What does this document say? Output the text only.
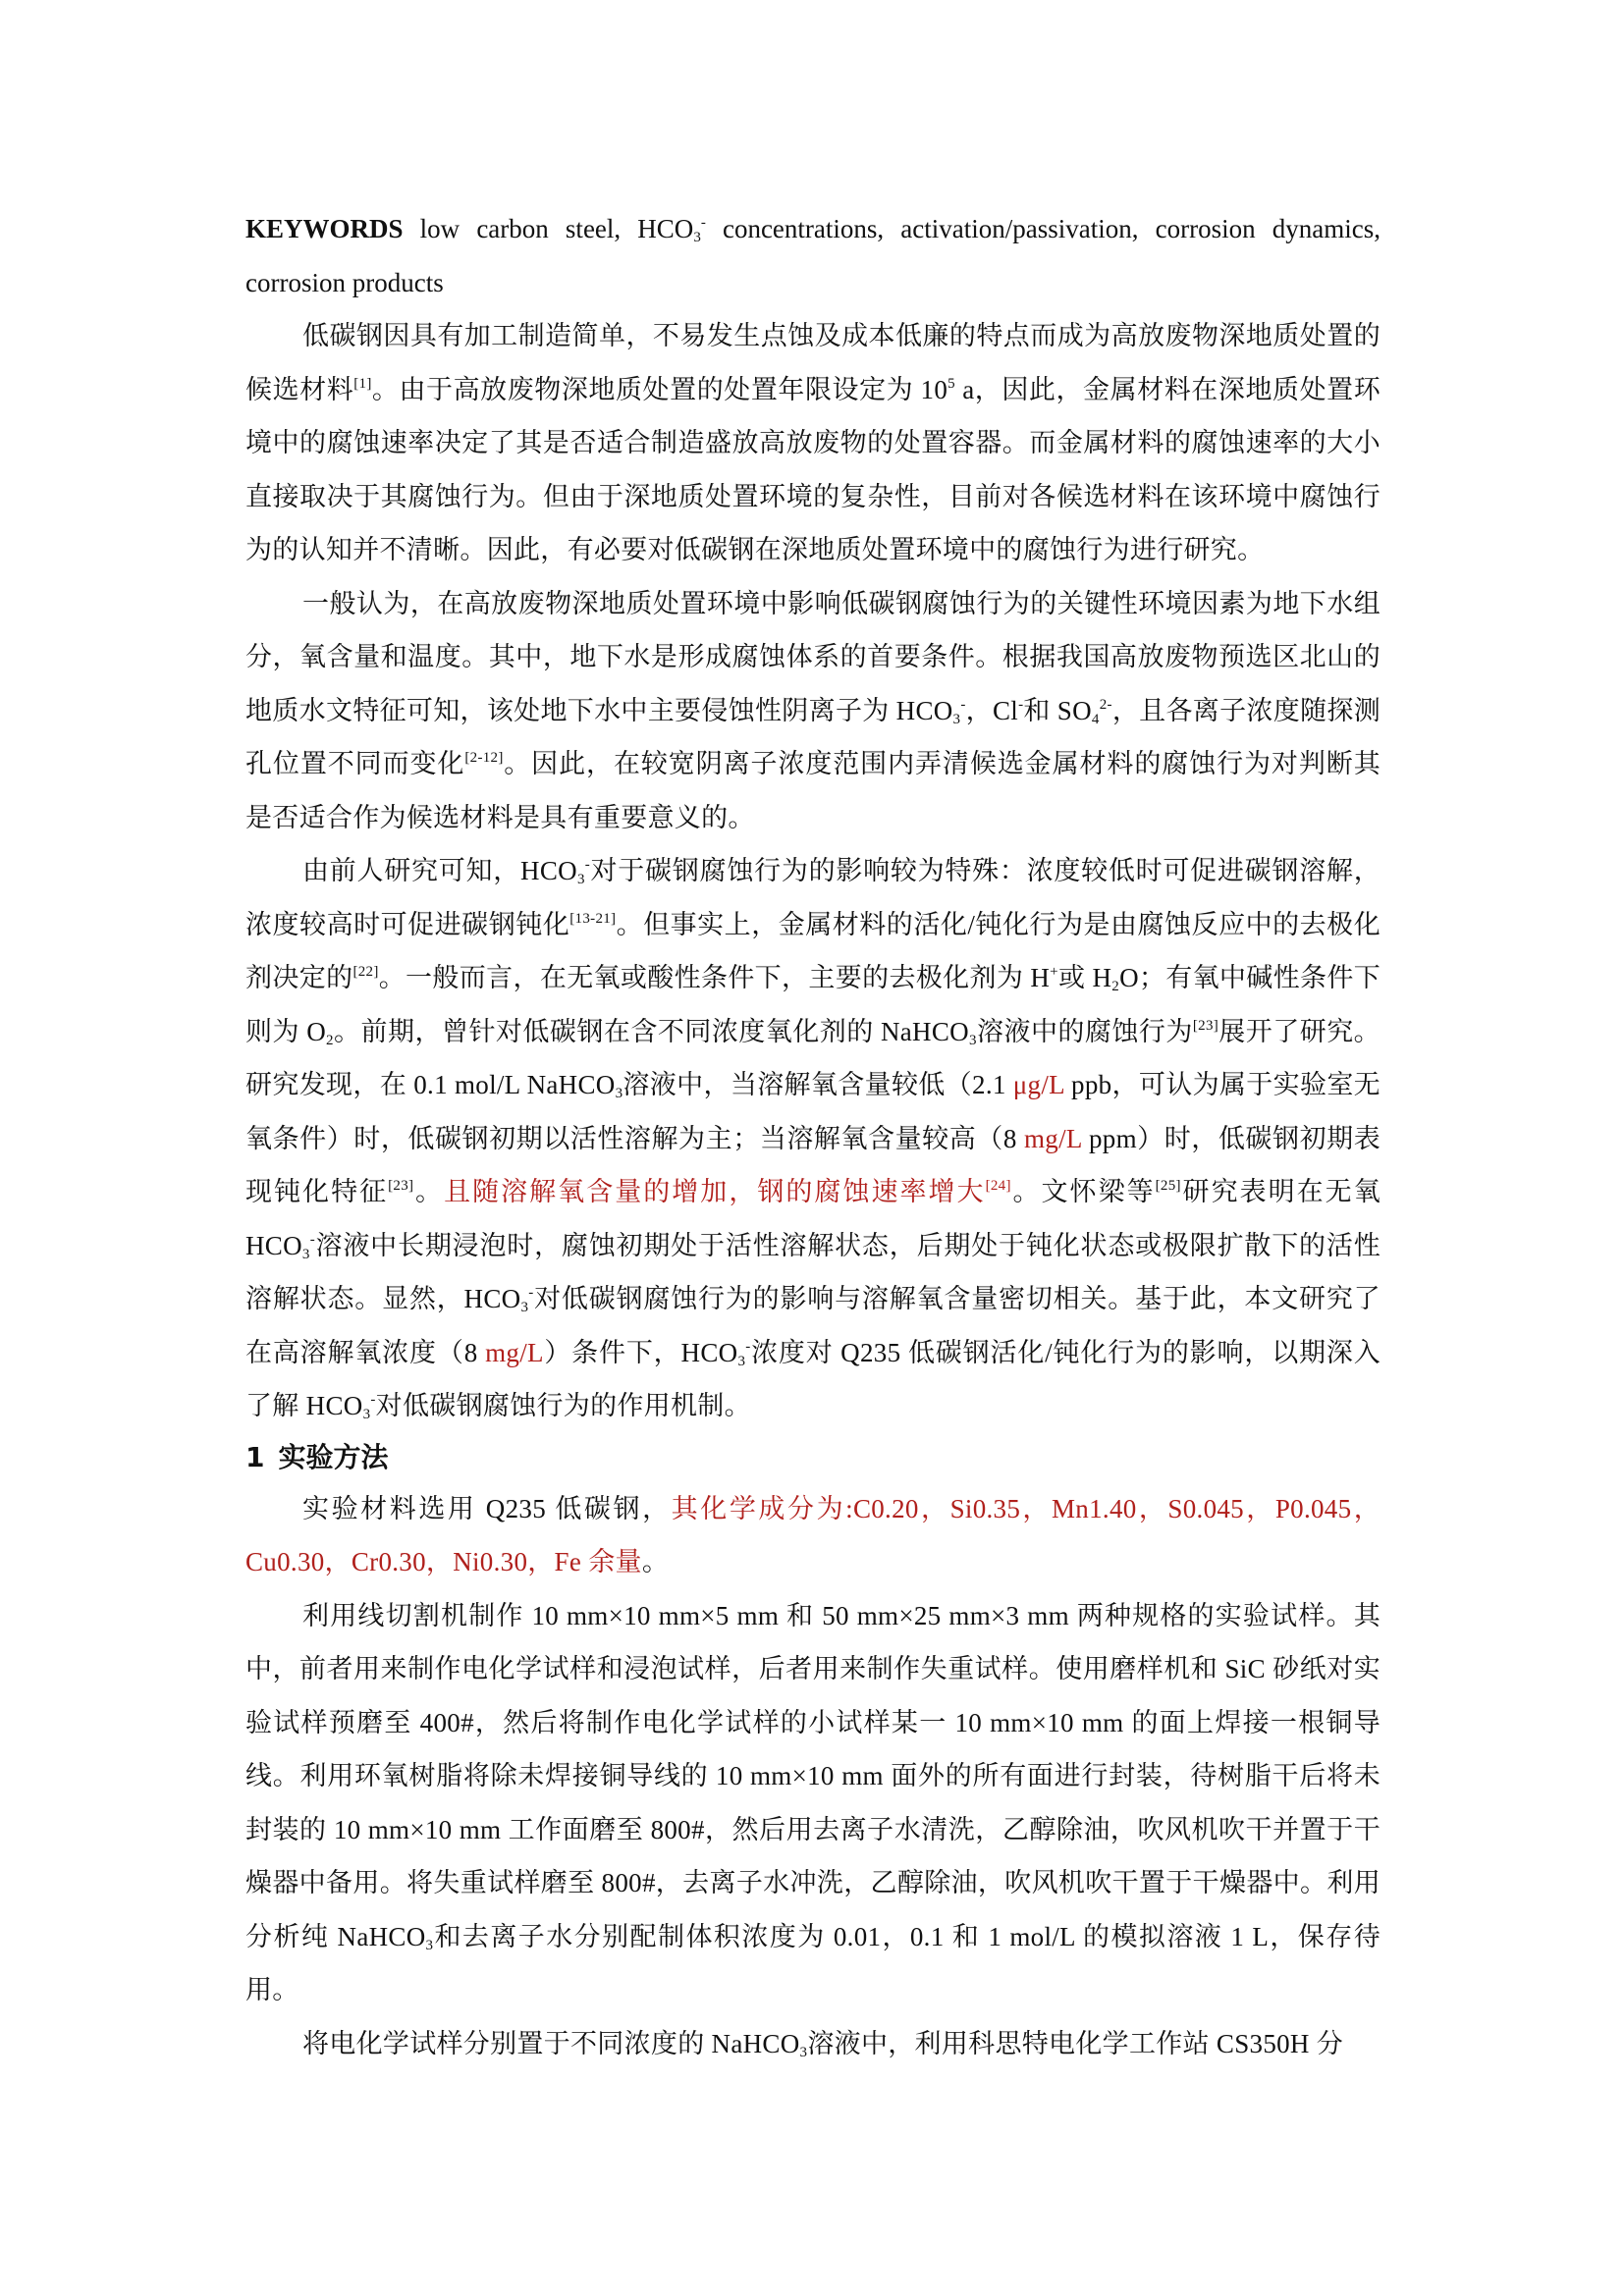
KEYWORDS low carbon steel, $HCO_3^-$ concentrations, activation/passivation, corrosion dynamics, corrosion products

低碳钢因具有加工制造简单，不易发生点蚀及成本低廉的特点而成为高放废物深地质处置的候选材料[1]。由于高放废物深地质处置的处置年限设定为 $10^5$ a，因此，金属材料在深地质处置环境中的腐蚀速率决定了其是否适合制造盛放高放废物的处置容器。而金属材料的腐蚀速率的大小直接取决于其腐蚀行为。但由于深地质处置环境的复杂性，目前对各候选材料在该环境中腐蚀行为的认知并不清晰。因此，有必要对低碳钢在深地质处置环境中的腐蚀行为进行研究。

一般认为，在高放废物深地质处置环境中影响低碳钢腐蚀行为的关键性环境因素为地下水组分，氧含量和温度。其中，地下水是形成腐蚀体系的首要条件。根据我国高放废物预选区北山的地质水文特征可知，该处地下水中主要侵蚀性阴离子为 $HCO_3^-$，Cl-和 $SO_4^{2-}$，且各离子浓度随探测孔位置不同而变化[2-12]。因此，在较宽阴离子浓度范围内弄清候选金属材料的腐蚀行为对判断其是否适合作为候选材料是具有重要意义的。

由前人研究可知，$HCO_3^-$对于碳钢腐蚀行为的影响较为特殊：浓度较低时可促进碳钢溶解，浓度较高时可促进碳钢钝化[13-21]。但事实上，金属材料的活化/钝化行为是由腐蚀反应中的去极化剂决定的[22]。一般而言，在无氧或酸性条件下，主要的去极化剂为 H+或 $H_2O$；有氧中碱性条件下则为 $O_2$。前期，曾针对低碳钢在含不同浓度氧化剂的 NaHCO$_3$溶液中的腐蚀行为[23]展开了研究。研究发现，在 0.1 mol/L NaHCO$_3$溶液中，当溶解氧含量较低（2.1 μg/L ppb，可认为属于实验室无氧条件）时，低碳钢初期以活性溶解为主；当溶解氧含量较高（8 mg/L ppm）时，低碳钢初期表现钝化特征[23]。且随溶解氧含量的增加，钢的腐蚀速率增大[24]。文怀梁等[25]研究表明在无氧 $HCO_3^-$溶液中长期浸泡时，腐蚀初期处于活性溶解状态，后期处于钝化状态或极限扩散下的活性溶解状态。显然，$HCO_3^-$对低碳钢腐蚀行为的影响与溶解氧含量密切相关。基于此，本文研究了在高溶解氧浓度（8 mg/L）条件下，$HCO_3^-$浓度对 Q235 低碳钢活化/钝化行为的影响，以期深入了解 $HCO_3^-$对低碳钢腐蚀行为的作用机制。

1 实验方法

实验材料选用 Q235 低碳钢，其化学成分为:C0.20，Si0.35，Mn1.40，S0.045，P0.045，Cu0.30，Cr0.30，Ni0.30，Fe 余量。

利用线切割机制作 10 mm×10 mm×5 mm 和 50 mm×25 mm×3 mm 两种规格的实验试样。其中，前者用来制作电化学试样和浸泡试样，后者用来制作失重试样。使用磨样机和 SiC 砂纸对实验试样预磨至 400#，然后将制作电化学试样的小试样某一 10 mm×10 mm 的面上焊接一根铜导线。利用环氧树脂将除未焊接铜导线的 10 mm×10 mm 面外的所有面进行封装，待树脂干后将未封装的 10 mm×10 mm 工作面磨至 800#，然后用去离子水清洗，乙醇除油，吹风机吹干并置于干燥器中备用。将失重试样磨至 800#，去离子水冲洗，乙醇除油，吹风机吹干置于干燥器中。利用分析纯 NaHCO$_3$和去离子水分别配制体积浓度为 0.01，0.1 和 1 mol/L 的模拟溶液 1 L，保存待用。

将电化学试样分别置于不同浓度的 NaHCO$_3$溶液中，利用科思特电化学工作站 CS350H 分
